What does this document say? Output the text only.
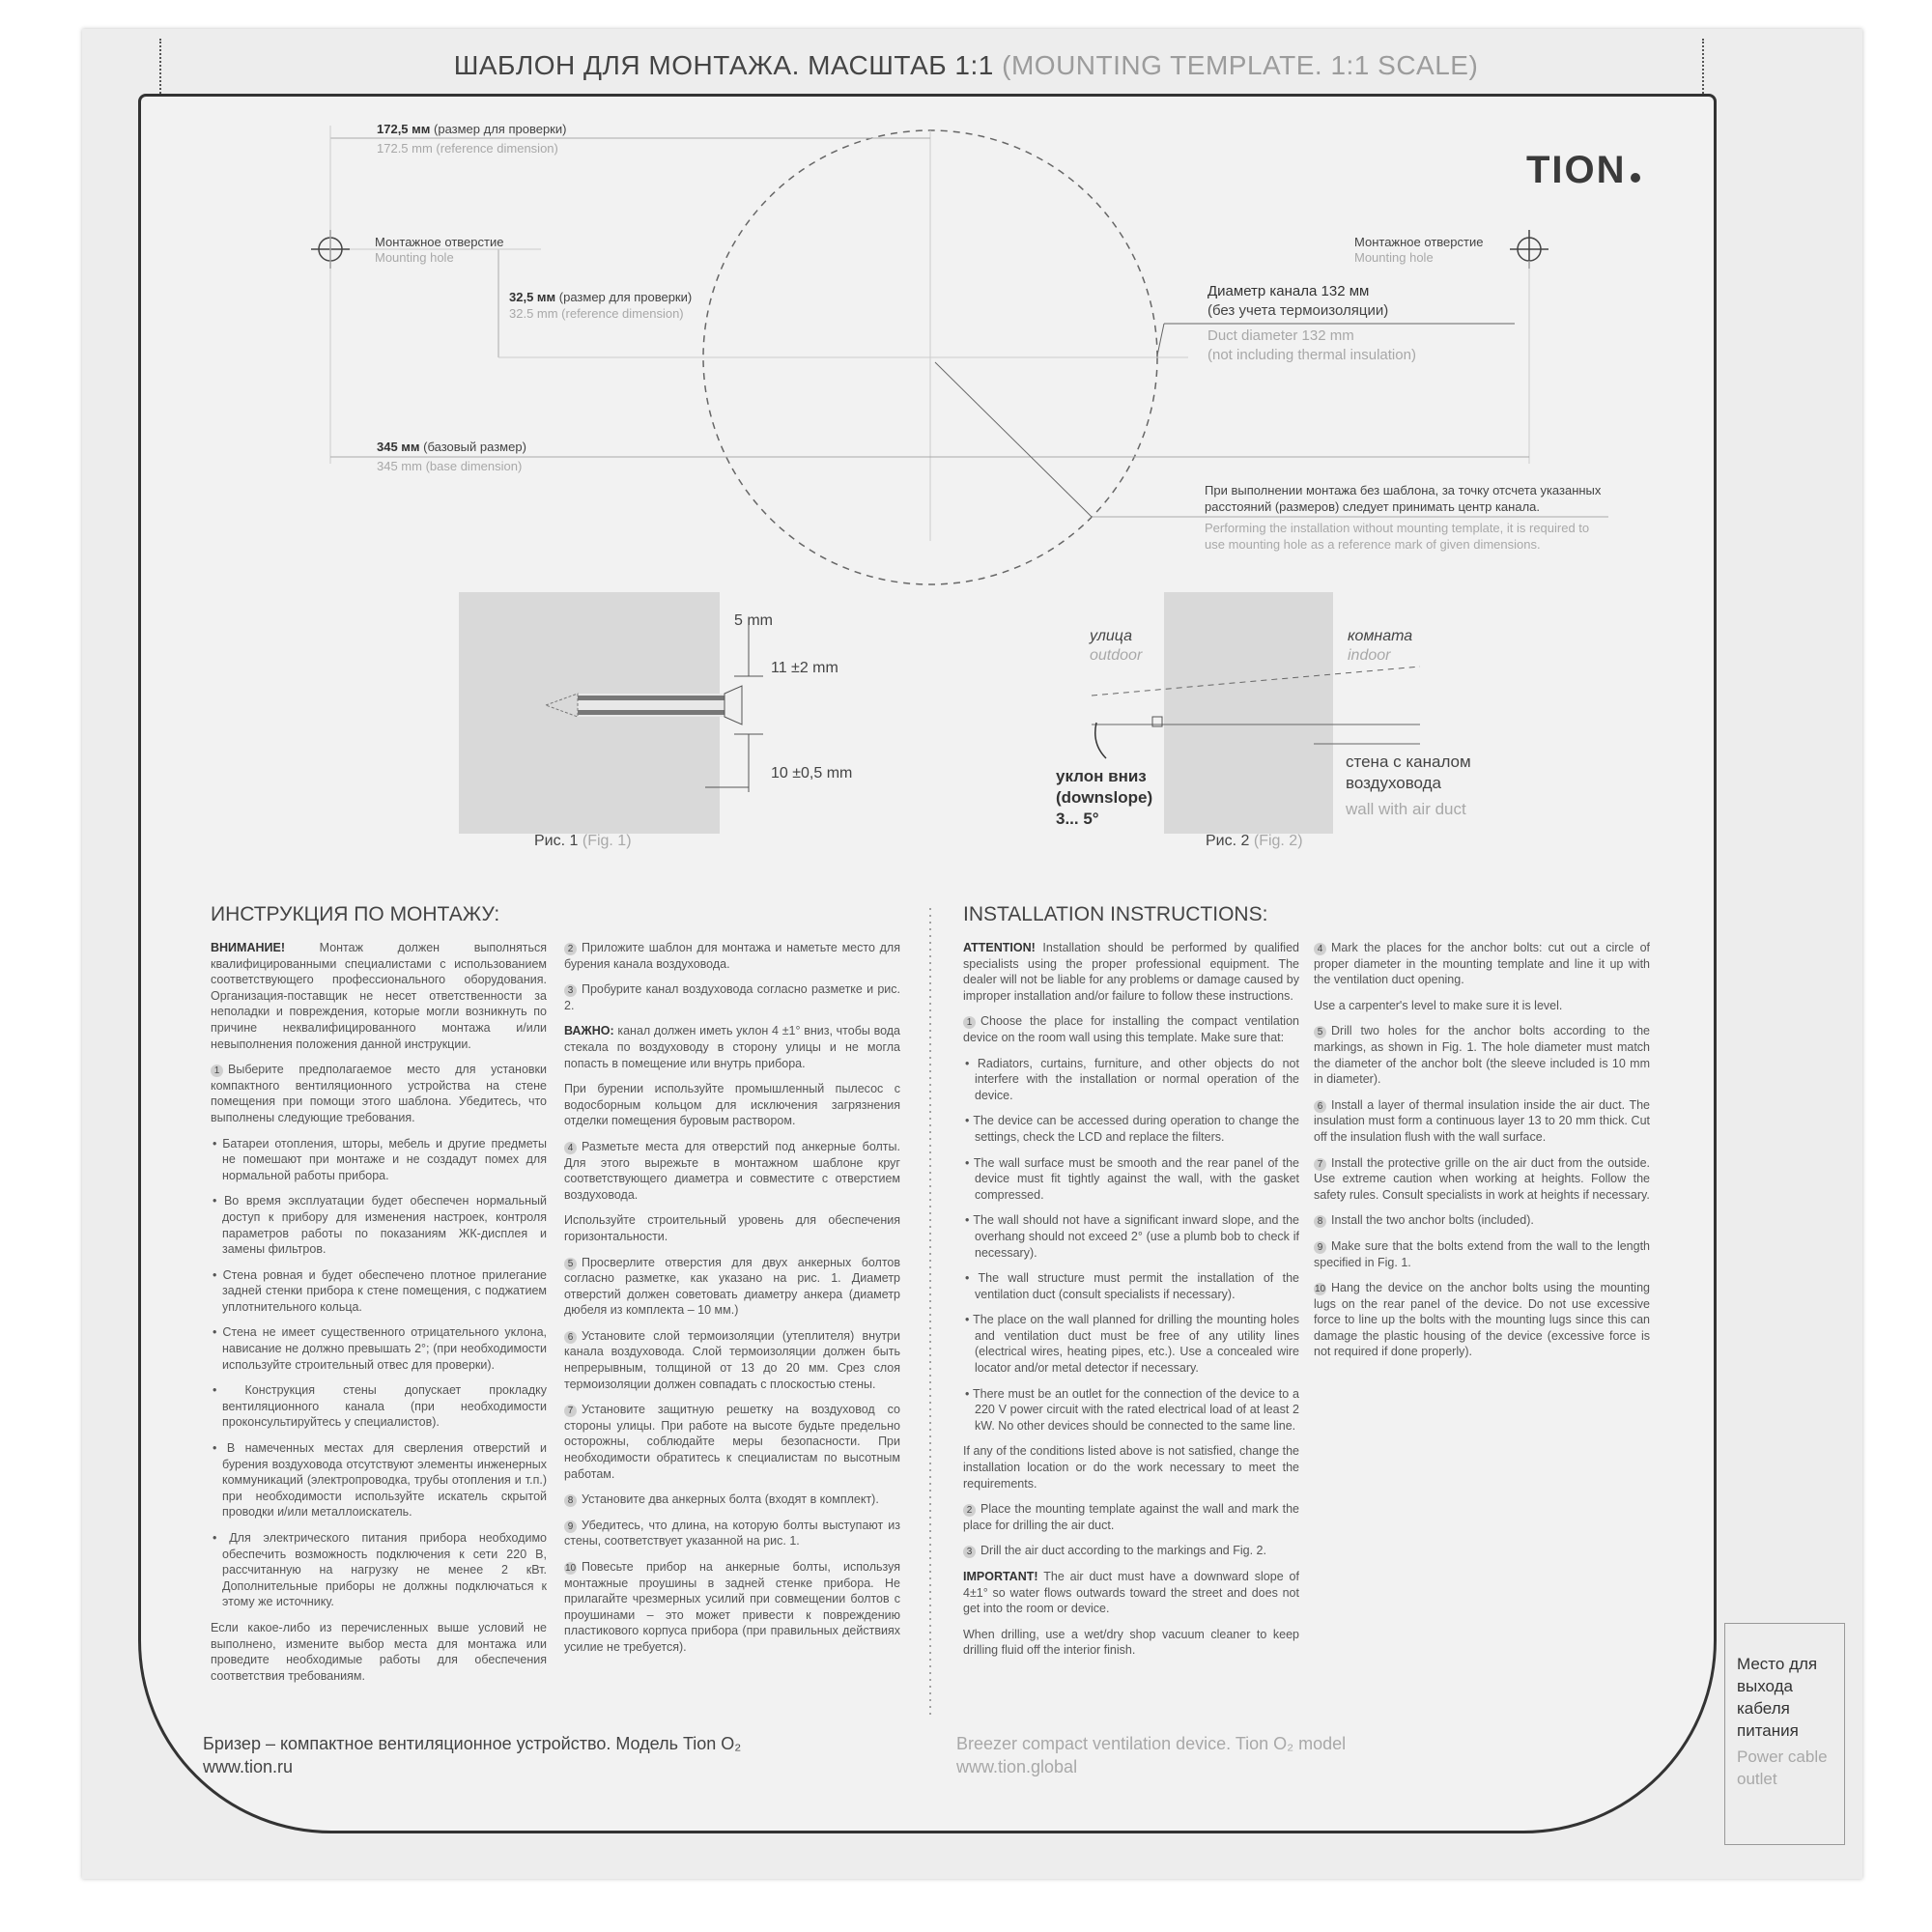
ШАБЛОН ДЛЯ МОНТАЖА. МАСШТАБ 1:1 (MOUNTING TEMPLATE. 1:1 SCALE)
TION
172,5 мм (размер для проверки)
172.5 mm (reference dimension)
Монтажное отверстие
Mounting hole
Монтажное отверстие
Mounting hole
32,5 мм (размер для проверки)
32.5 mm (reference dimension)
345 мм (базовый размер)
345 mm (base dimension)
Диаметр канала 132 мм
(без учета термоизоляции)
Duct diameter 132 mm
(not including thermal insulation)
При выполнении монтажа без шаблона, за точку отсчета указанных
расстояний (размеров) следует принимать центр канала.
Performing the installation without mounting template, it is required to
use mounting hole as a reference mark of given dimensions.
5 mm
11 ±2 mm
10 ±0,5 mm
Рис. 1 (Fig. 1)
улица
outdoor
комната
indoor
уклон вниз
(downslope)
3... 5°
стена с каналом
воздуховода
wall with air duct
Рис. 2 (Fig. 2)
ИНСТРУКЦИЯ ПО МОНТАЖУ:

ВНИМАНИЕ! Монтаж должен выполняться квалифицированными специалистами с использованием соответствующего профессионального оборудования. Организация-поставщик не несет ответственности за неполадки и повреждения, которые могли возникнуть по причине неквалифицированного монтажа и/или невыполнения положения данной инструкции.

1 Выберите предполагаемое место для установки компактного вентиляционного устройства на стене помещения при помощи этого шаблона. Убедитесь, что выполнены следующие требования.

• Батареи отопления, шторы, мебель и другие предметы не помешают при монтаже и не создадут помех для нормальной работы прибора.

• Во время эксплуатации будет обеспечен нормальный доступ к прибору для изменения настроек, контроля параметров работы по показаниям ЖК-дисплея и замены фильтров.

• Стена ровная и будет обеспечено плотное прилегание задней стенки прибора к стене помещения, с поджатием уплотнительного кольца.

• Стена не имеет существенного отрицательного уклона, нависание не должно превышать 2°; (при необходимости используйте строительный отвес для проверки).

• Конструкция стены допускает прокладку вентиляционного канала (при необходимости проконсультируйтесь у специалистов).

• В намеченных местах для сверления отверстий и бурения воздуховода отсутствуют элементы инженерных коммуникаций (электропроводка, трубы отопления и т.п.) при необходимости используйте искатель скрытой проводки и/или металлоискатель.

• Для электрического питания прибора необходимо обеспечить возможность подключения к сети 220 В, рассчитанную на нагрузку не менее 2 кВт. Дополнительные приборы не должны подключаться к этому же источнику.

Если какое-либо из перечисленных выше условий не выполнено, измените выбор места для монтажа или проведите необходимые работы для обеспечения соответствия требованиям.

2 Приложите шаблон для монтажа и наметьте место для бурения канала воздуховода.

3 Пробурите канал воздуховода согласно разметке и рис. 2.

ВАЖНО: канал должен иметь уклон 4 ±1° вниз, чтобы вода стекала по воздуховоду в сторону улицы и не могла попасть в помещение или внутрь прибора.

При бурении используйте промышленный пылесос с водосборным кольцом для исключения загрязнения отделки помещения буровым раствором.

4 Разметьте места для отверстий под анкерные болты. Для этого вырежьте в монтажном шаблоне круг соответствующего диаметра и совместите с отверстием воздуховода.

Используйте строительный уровень для обеспечения горизонтальности.

5 Просверлите отверстия для двух анкерных болтов согласно разметке, как указано на рис. 1. Диаметр отверстий должен советовать диаметру анкера (диаметр дюбеля из комплекта – 10 мм.)

6 Установите слой термоизоляции (утеплителя) внутри канала воздуховода. Слой термоизоляции должен быть непрерывным, толщиной от 13 до 20 мм. Срез слоя термоизоляции должен совпадать с плоскостью стены.

7 Установите защитную решетку на воздуховод со стороны улицы. При работе на высоте будьте предельно осторожны, соблюдайте меры безопасности. При необходимости обратитесь к специалистам по высотным работам.

8 Установите два анкерных болта (входят в комплект).

9 Убедитесь, что длина, на которую болты выступают из стены, соответствует указанной на рис. 1.

10 Повесьте прибор на анкерные болты, используя монтажные проушины в задней стенке прибора. Не прилагайте чрезмерных усилий при совмещении болтов с проушинами – это может привести к повреждению пластикового корпуса прибора (при правильных действиях усилие не требуется).

INSTALLATION INSTRUCTIONS:

ATTENTION! Installation should be performed by qualified specialists using the proper professional equipment. The dealer will not be liable for any problems or damage caused by improper installation and/or failure to follow these instructions.

1 Choose the place for installing the compact ventilation device on the room wall using this template. Make sure that:

• Radiators, curtains, furniture, and other objects do not interfere with the installation or normal operation of the device.

• The device can be accessed during operation to change the settings, check the LCD and replace the filters.

• The wall surface must be smooth and the rear panel of the device must fit tightly against the wall, with the gasket compressed.

• The wall should not have a significant inward slope, and the overhang should not exceed 2° (use a plumb bob to check if necessary).

• The wall structure must permit the installation of the ventilation duct (consult specialists if necessary).

• The place on the wall planned for drilling the mounting holes and ventilation duct must be free of any utility lines (electrical wires, heating pipes, etc.). Use a concealed wire locator and/or metal detector if necessary.

• There must be an outlet for the connection of the device to a 220 V power circuit with the rated electrical load of at least 2 kW. No other devices should be connected to the same line.

If any of the conditions listed above is not satisfied, change the installation location or do the work necessary to meet the requirements.

2 Place the mounting template against the wall and mark the place for drilling the air duct.

3 Drill the air duct according to the markings and Fig. 2.

IMPORTANT! The air duct must have a downward slope of 4±1° so water flows outwards toward the street and does not get into the room or device.

When drilling, use a wet/dry shop vacuum cleaner to keep drilling fluid off the interior finish.

4 Mark the places for the anchor bolts: cut out a circle of proper diameter in the mounting template and line it up with the ventilation duct opening.

Use a carpenter's level to make sure it is level.

5 Drill two holes for the anchor bolts according to the markings, as shown in Fig. 1. The hole diameter must match the diameter of the anchor bolt (the sleeve included is 10 mm in diameter).

6 Install a layer of thermal insulation inside the air duct. The insulation must form a continuous layer 13 to 20 mm thick. Cut off the insulation flush with the wall surface.

7 Install the protective grille on the air duct from the outside. Use extreme caution when working at heights. Follow the safety rules. Consult specialists in work at heights if necessary.

8 Install the two anchor bolts (included).

9 Make sure that the bolts extend from the wall to the length specified in Fig. 1.

10 Hang the device on the anchor bolts using the mounting lugs on the rear panel of the device. Do not use excessive force to line up the bolts with the mounting lugs since this can damage the plastic housing of the device (excessive force is not required if done properly).

Бризер – компактное вентиляционное устройство. Модель Tion O₂
www.tion.ru
Breezer compact ventilation device. Tion O₂ model
www.tion.global
Место для выхода кабеля питания
Power cable outlet
